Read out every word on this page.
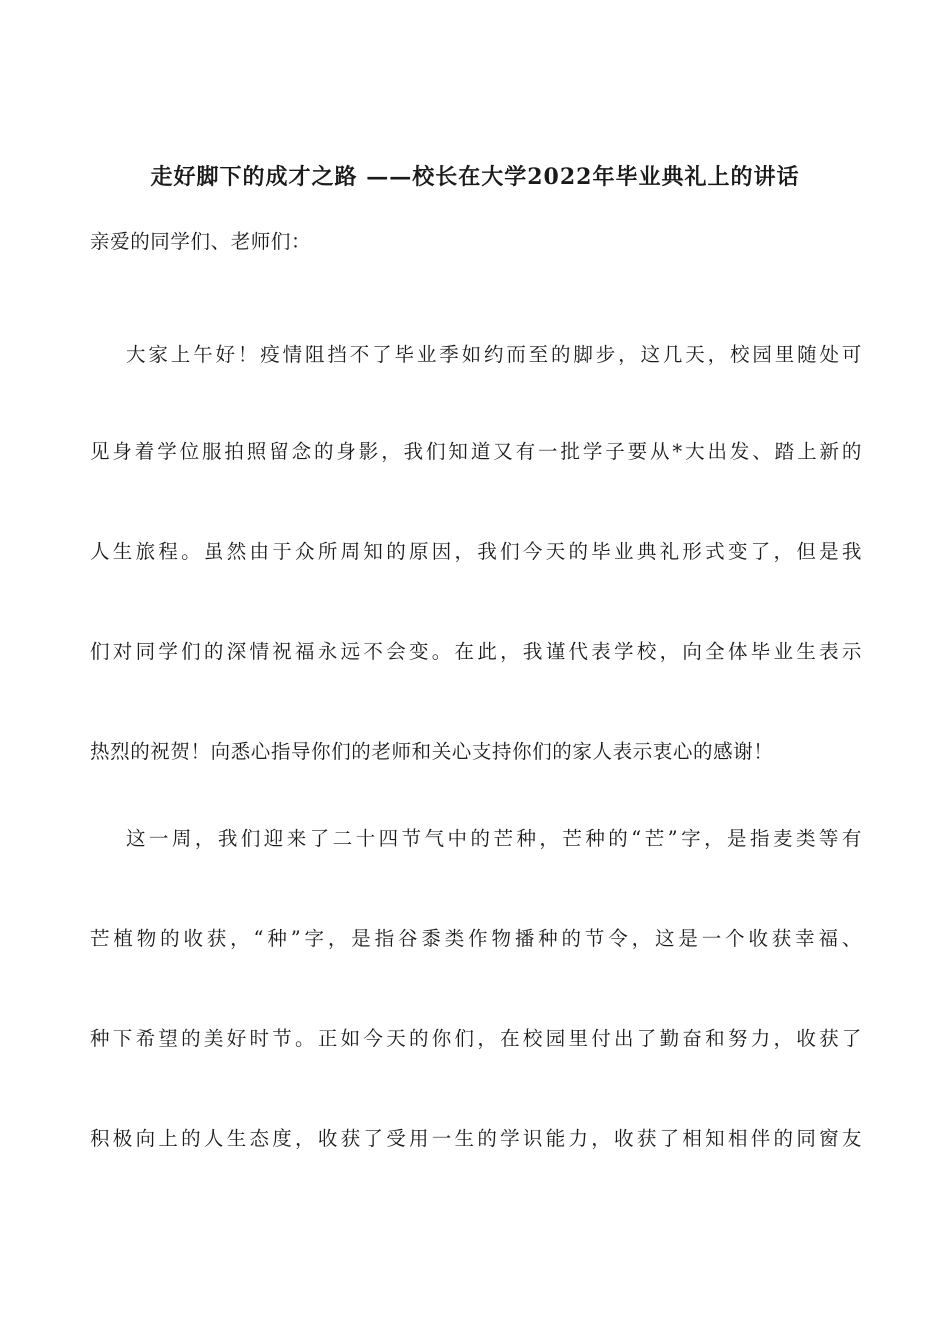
走好脚下的成才之路 ——校长在大学2022年毕业典礼上的讲话
亲爱的同学们、老师们：
大家上午好！疫情阻挡不了毕业季如约而至的脚步，这几天，校园里随处可
见身着学位服拍照留念的身影，我们知道又有一批学子要从*大出发、踏上新的
人生旅程。虽然由于众所周知的原因，我们今天的毕业典礼形式变了，但是我
们对同学们的深情祝福永远不会变。在此，我谨代表学校，向全体毕业生表示
热烈的祝贺！向悉心指导你们的老师和关心支持你们的家人表示衷心的感谢！
这一周，我们迎来了二十四节气中的芒种，芒种的“芒”字，是指麦类等有
芒植物的收获，“种”字，是指谷黍类作物播种的节令，这是一个收获幸福、
种下希望的美好时节。正如今天的你们，在校园里付出了勤奋和努力，收获了
积极向上的人生态度，收获了受用一生的学识能力，收获了相知相伴的同窗友
